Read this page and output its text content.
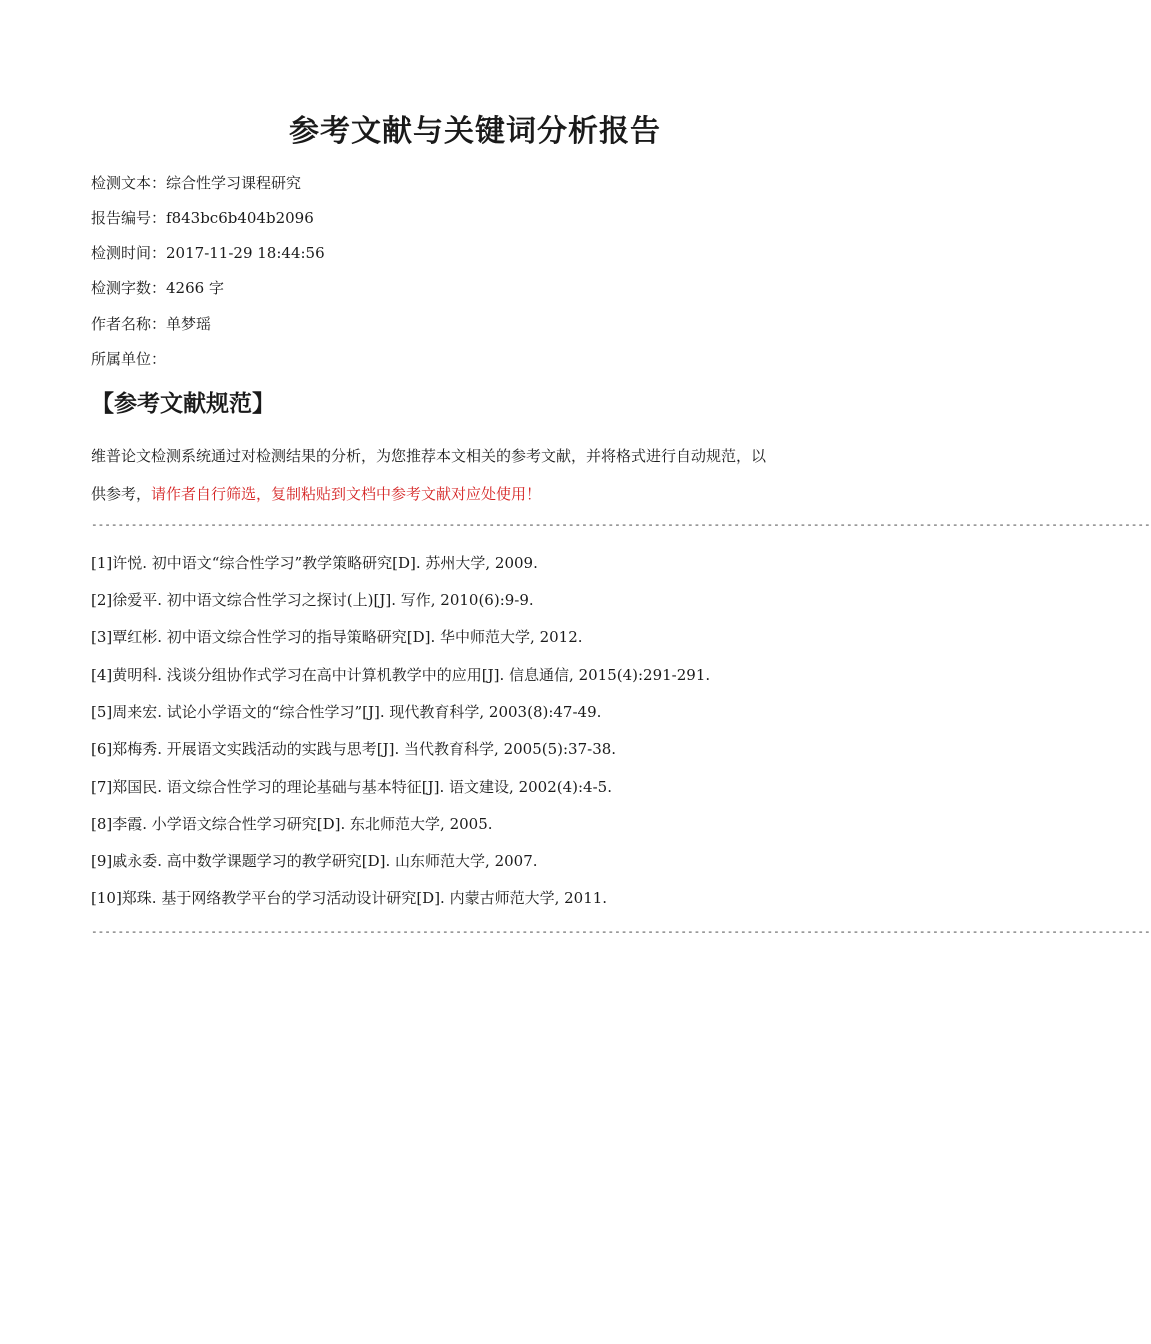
参考文献与关键词分析报告
检测文本：综合性学习课程研究
报告编号：f843bc6b404b2096
检测时间：2017-11-29 18:44:56
检测字数：4266 字
作者名称：单梦瑶
所属单位：
【参考文献规范】
维普论文检测系统通过对检测结果的分析，为您推荐本文相关的参考文献，并将格式进行自动规范，以
供参考，请作者自行筛选，复制粘贴到文档中参考文献对应处使用！
----------------------------------------------------------------------------------------------------------------------------------------------------------------
[1]许悦. 初中语文“综合性学习”教学策略研究[D]. 苏州大学, 2009.
[2]徐爱平. 初中语文综合性学习之探讨(上)[J]. 写作, 2010(6):9-9.
[3]覃红彬. 初中语文综合性学习的指导策略研究[D]. 华中师范大学, 2012.
[4]黄明科. 浅谈分组协作式学习在高中计算机教学中的应用[J]. 信息通信, 2015(4):291-291.
[5]周来宏. 试论小学语文的“综合性学习”[J]. 现代教育科学, 2003(8):47-49.
[6]郑梅秀. 开展语文实践活动的实践与思考[J]. 当代教育科学, 2005(5):37-38.
[7]郑国民. 语文综合性学习的理论基础与基本特征[J]. 语文建设, 2002(4):4-5.
[8]李霞. 小学语文综合性学习研究[D]. 东北师范大学, 2005.
[9]戚永委. 高中数学课题学习的教学研究[D]. 山东师范大学, 2007.
[10]郑珠. 基于网络教学平台的学习活动设计研究[D]. 内蒙古师范大学, 2011.
----------------------------------------------------------------------------------------------------------------------------------------------------------------
